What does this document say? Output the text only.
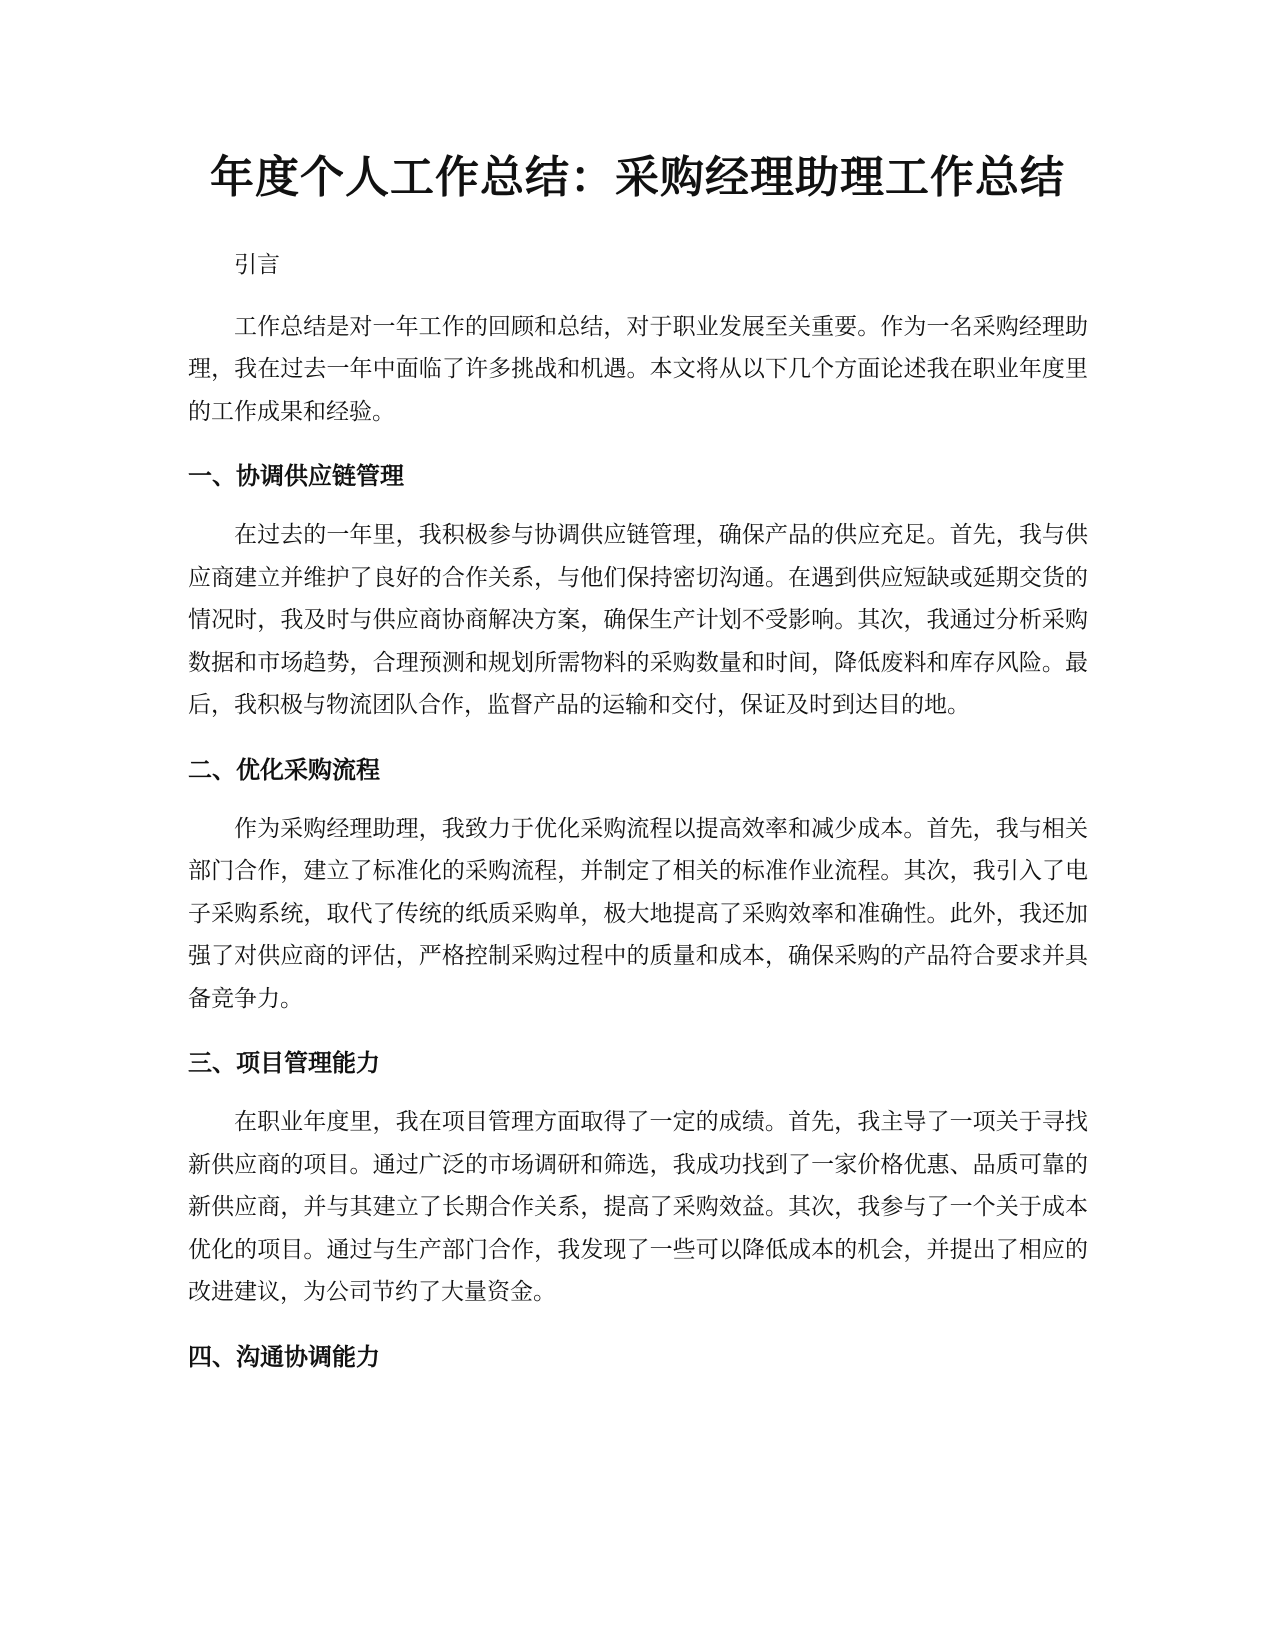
年度个人工作总结：采购经理助理工作总结

引言

工作总结是对一年工作的回顾和总结，对于职业发展至关重要。作为一名采购经理助理，我在过去一年中面临了许多挑战和机遇。本文将从以下几个方面论述我在职业年度里的工作成果和经验。

一、协调供应链管理

在过去的一年里，我积极参与协调供应链管理，确保产品的供应充足。首先，我与供应商建立并维护了良好的合作关系，与他们保持密切沟通。在遇到供应短缺或延期交货的情况时，我及时与供应商协商解决方案，确保生产计划不受影响。其次，我通过分析采购数据和市场趋势，合理预测和规划所需物料的采购数量和时间，降低废料和库存风险。最后，我积极与物流团队合作，监督产品的运输和交付，保证及时到达目的地。

二、优化采购流程

作为采购经理助理，我致力于优化采购流程以提高效率和减少成本。首先，我与相关部门合作，建立了标准化的采购流程，并制定了相关的标准作业流程。其次，我引入了电子采购系统，取代了传统的纸质采购单，极大地提高了采购效率和准确性。此外，我还加强了对供应商的评估，严格控制采购过程中的质量和成本，确保采购的产品符合要求并具备竞争力。

三、项目管理能力

在职业年度里，我在项目管理方面取得了一定的成绩。首先，我主导了一项关于寻找新供应商的项目。通过广泛的市场调研和筛选，我成功找到了一家价格优惠、品质可靠的新供应商，并与其建立了长期合作关系，提高了采购效益。其次，我参与了一个关于成本优化的项目。通过与生产部门合作，我发现了一些可以降低成本的机会，并提出了相应的改进建议，为公司节约了大量资金。

四、沟通协调能力
